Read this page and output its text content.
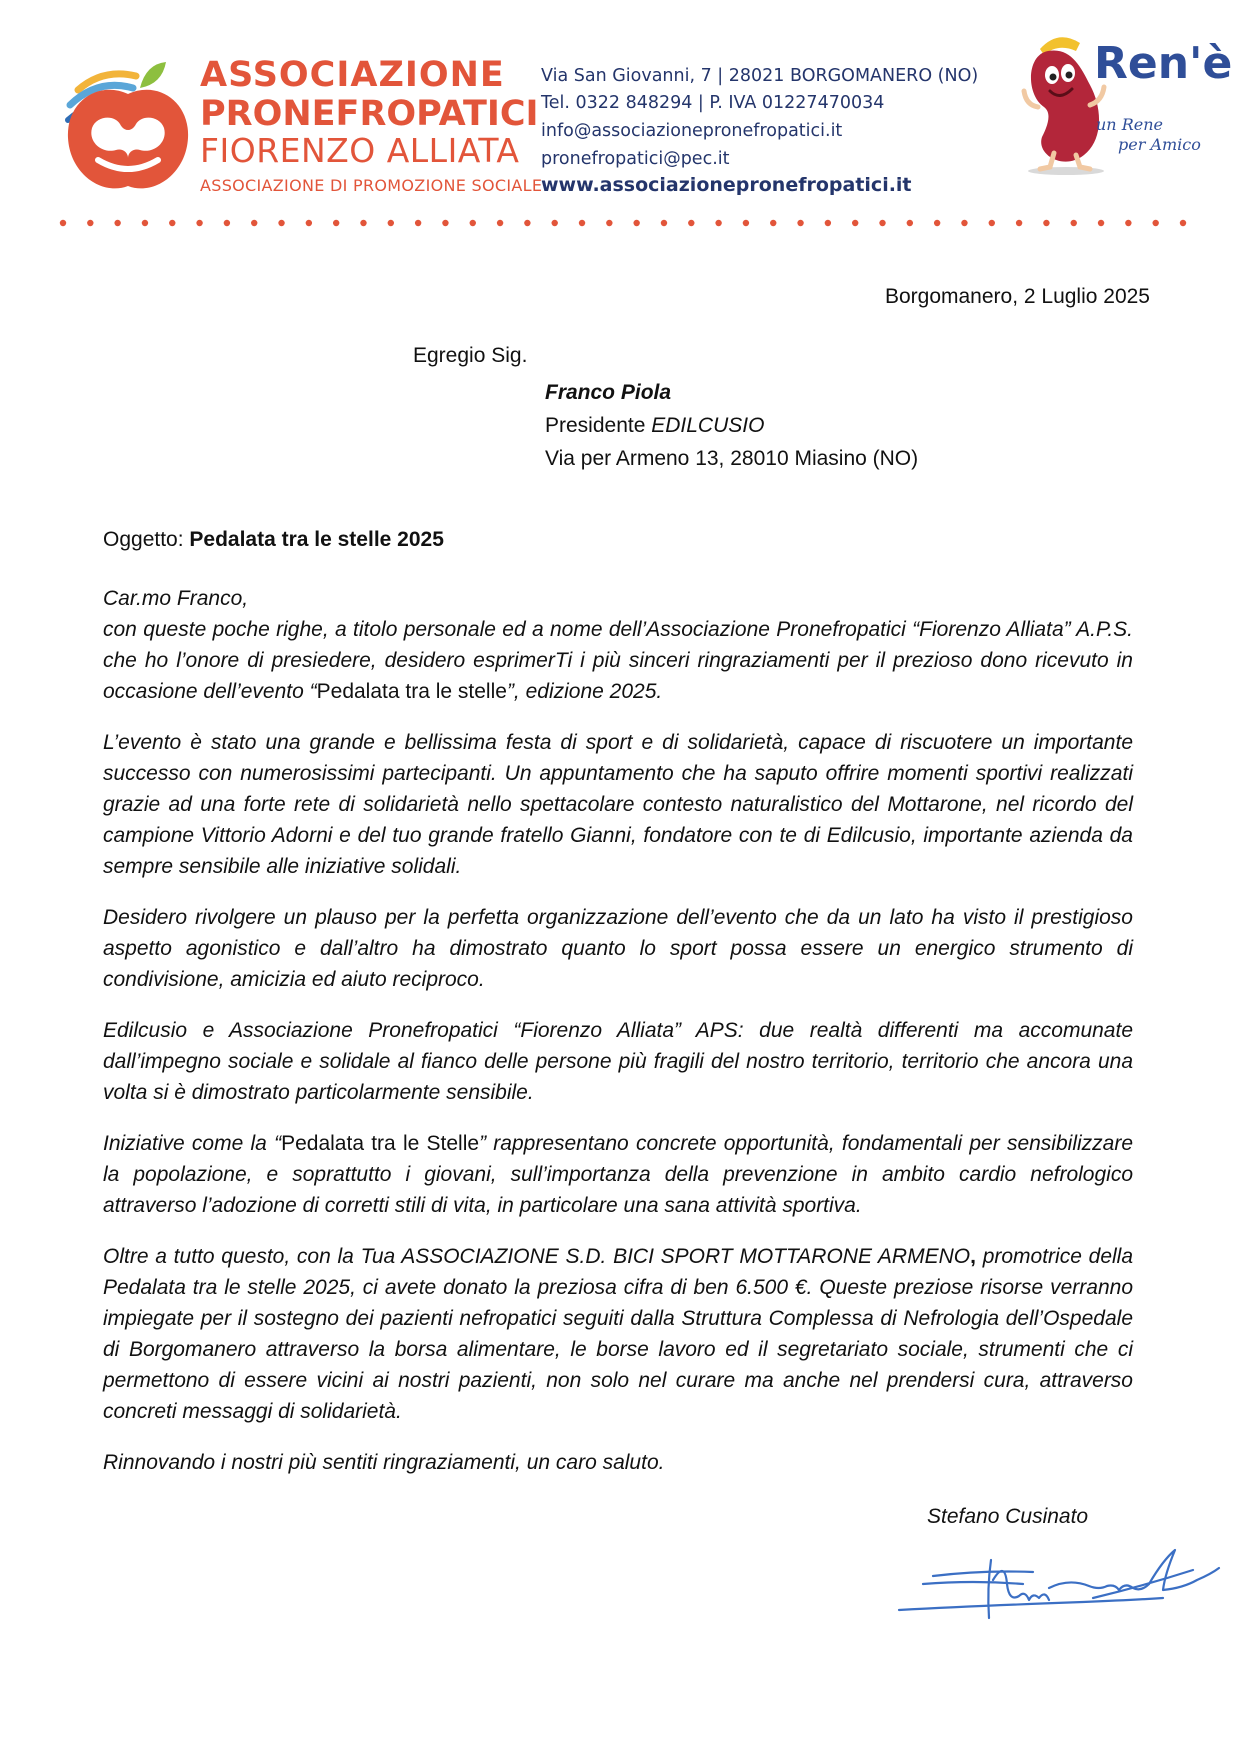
ASSOCIAZIONE
PRONEFROPATICI
FIORENZO ALLIATA
ASSOCIAZIONE DI PROMOZIONE SOCIALE
Via San Giovanni, 7 | 28021 BORGOMANERO (NO)
Tel. 0322 848294 | P. IVA 01227470034
info@associazionepronefropatici.it
pronefropatici@pec.it
www.associazionepronefropatici.it
Ren'è
un Rene
per Amico
Borgomanero, 2 Luglio 2025
Egregio Sig.
Franco Piola
Presidente EDILCUSIO
Via per Armeno 13, 28010 Miasino (NO)
Oggetto: Pedalata tra le stelle 2025
Car.mo Franco,

con queste poche righe, a titolo personale ed a nome dell’Associazione Pronefropatici “Fiorenzo Alliata” A.P.S. che ho l’onore di presiedere, desidero esprimerTi i più sinceri ringraziamenti per il prezioso dono ricevuto in occasione dell’evento “Pedalata tra le stelle”, edizione 2025.

L’evento è stato una grande e bellissima festa di sport e di solidarietà, capace di riscuotere un importante successo con numerosissimi partecipanti. Un appuntamento che ha saputo offrire momenti sportivi realizzati grazie ad una forte rete di solidarietà nello spettacolare contesto naturalistico del Mottarone, nel ricordo del campione Vittorio Adorni e del tuo grande fratello Gianni, fondatore con te di Edilcusio, importante azienda da sempre sensibile alle iniziative solidali.

Desidero rivolgere un plauso per la perfetta organizzazione dell’evento che da un lato ha visto il prestigioso aspetto agonistico e dall’altro ha dimostrato quanto lo sport possa essere un energico strumento di condivisione, amicizia ed aiuto reciproco.

Edilcusio e Associazione Pronefropatici “Fiorenzo Alliata” APS: due realtà differenti ma accomunate dall’impegno sociale e solidale al fianco delle persone più fragili del nostro territorio, territorio che ancora una volta si è dimostrato particolarmente sensibile.

Iniziative come la “Pedalata tra le Stelle” rappresentano concrete opportunità, fondamentali per sensibilizzare la popolazione, e soprattutto i giovani, sull’importanza della prevenzione in ambito cardio nefrologico attraverso l’adozione di corretti stili di vita, in particolare una sana attività sportiva.

Oltre a tutto questo, con la Tua ASSOCIAZIONE S.D. BICI SPORT MOTTARONE ARMENO, promotrice della Pedalata tra le stelle 2025, ci avete donato la preziosa cifra di ben 6.500 €. Queste preziose risorse verranno impiegate per il sostegno dei pazienti nefropatici seguiti dalla Struttura Complessa di Nefrologia dell’Ospedale di Borgomanero attraverso la borsa alimentare, le borse lavoro ed il segretariato sociale, strumenti che ci permettono di essere vicini ai nostri pazienti, non solo nel curare ma anche nel prendersi cura, attraverso concreti messaggi di solidarietà.

Rinnovando i nostri più sentiti ringraziamenti, un caro saluto.

Stefano Cusinato
